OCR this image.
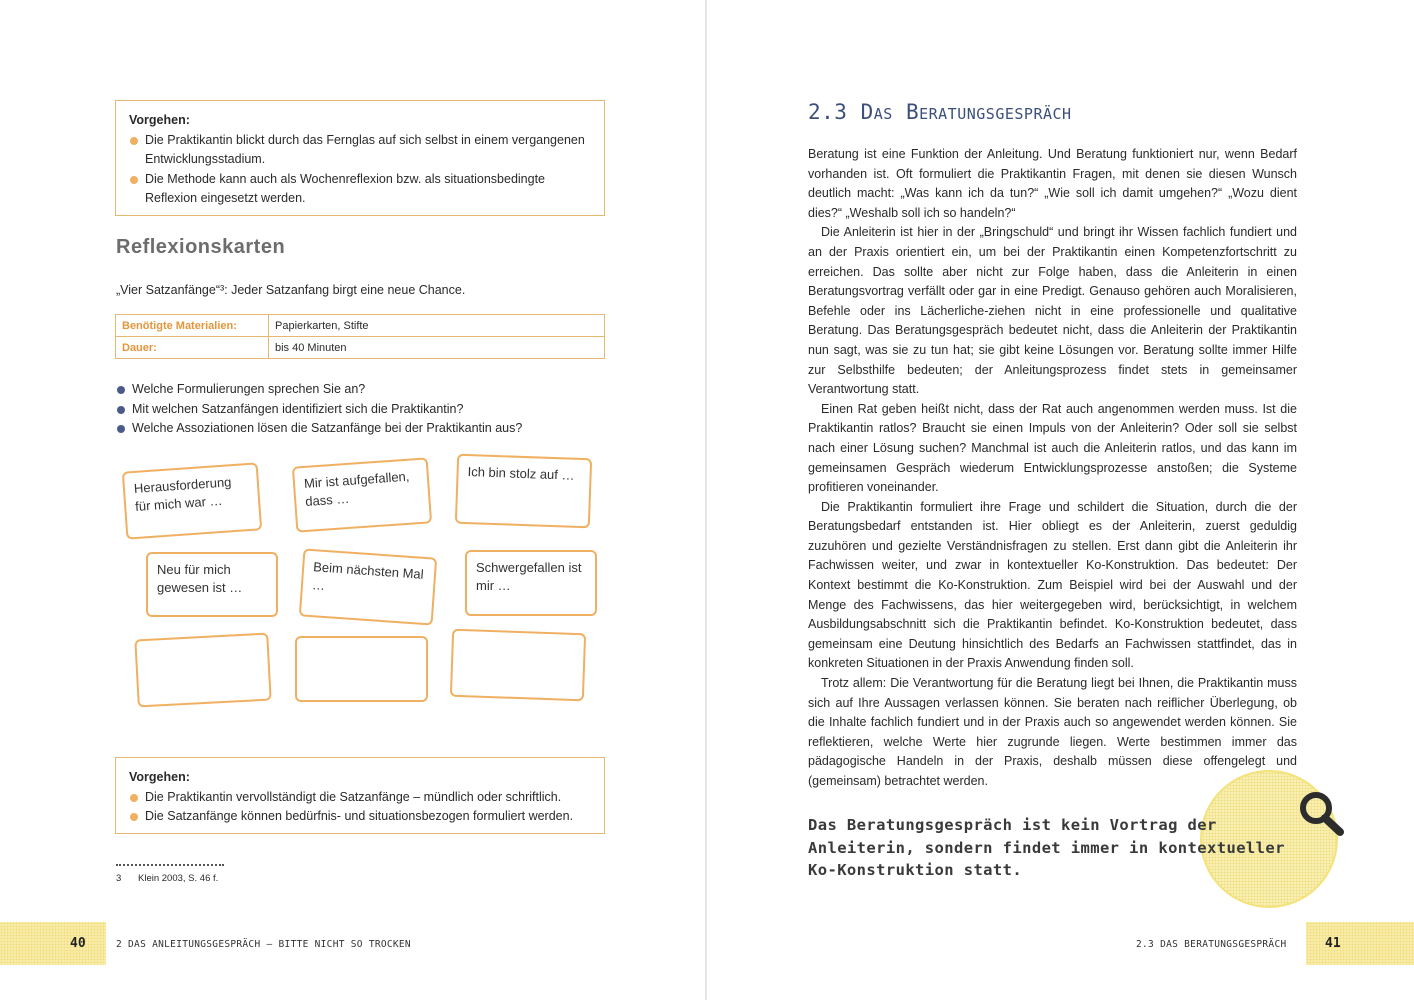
Vorgehen:
Die Praktikantin blickt durch das Fernglas auf sich selbst in einem vergangenen Entwicklungsstadium.
Die Methode kann auch als Wochenreflexion bzw. als situationsbedingte Reflexion eingesetzt werden.
Reflexionskarten
„Vier Satzanfänge“³: Jeder Satzanfang birgt eine neue Chance.
Benötigte Materialien:	Papierkarten, Stifte
Dauer:	bis 40 Minuten
Welche Formulierungen sprechen Sie an?
Mit welchen Satzanfängen identifiziert sich die Praktikantin?
Welche Assoziationen lösen die Satzanfänge bei der Praktikantin aus?
Herausforderung für mich war …
Mir ist aufgefallen, dass …
Ich bin stolz auf …
Neu für mich gewesen ist …
Beim nächsten Mal …
Schwergefallen ist mir …
Vorgehen:
Die Praktikantin vervollständigt die Satzanfänge – mündlich oder schriftlich.
Die Satzanfänge können bedürfnis- und situationsbezogen formuliert werden.
3 Klein 2003, S. 46 f.
40	2 DAS ANLEITUNGSGESPRÄCH – BITTE NICHT SO TROCKEN
2.3 Das Beratungsgespräch

Beratung ist eine Funktion der Anleitung. Und Beratung funktioniert nur, wenn Bedarf vorhanden ist. Oft formuliert die Praktikantin Fragen, mit denen sie diesen Wunsch deutlich macht: „Was kann ich da tun?“ „Wie soll ich damit umgehen?“ „Wozu dient dies?“ „Weshalb soll ich so handeln?“

Die Anleiterin ist hier in der „Bringschuld“ und bringt ihr Wissen fachlich fundiert und an der Praxis orientiert ein, um bei der Praktikantin einen Kompetenzfortschritt zu erreichen. Das sollte aber nicht zur Folge haben, dass die Anleiterin in einen Beratungsvortrag verfällt oder gar in eine Predigt. Genauso gehören auch Moralisieren, Befehle oder ins Lächerliche-ziehen nicht in eine professionelle und qualitative Beratung. Das Beratungsgespräch bedeutet nicht, dass die Anleiterin der Praktikantin nun sagt, was sie zu tun hat; sie gibt keine Lösungen vor. Beratung sollte immer Hilfe zur Selbsthilfe bedeuten; der Anleitungsprozess findet stets in gemeinsamer Verantwortung statt.

Einen Rat geben heißt nicht, dass der Rat auch angenommen werden muss. Ist die Praktikantin ratlos? Braucht sie einen Impuls von der Anleiterin? Oder soll sie selbst nach einer Lösung suchen? Manchmal ist auch die Anleiterin ratlos, und das kann im gemeinsamen Gespräch wiederum Entwicklungsprozesse anstoßen; die Systeme profitieren voneinander.

Die Praktikantin formuliert ihre Frage und schildert die Situation, durch die der Beratungsbedarf entstanden ist. Hier obliegt es der Anleiterin, zuerst geduldig zuzuhören und gezielte Verständnisfragen zu stellen. Erst dann gibt die Anleiterin ihr Fachwissen weiter, und zwar in kontextueller Ko-Konstruktion. Das bedeutet: Der Kontext bestimmt die Ko-Konstruktion. Zum Beispiel wird bei der Auswahl und der Menge des Fachwissens, das hier weitergegeben wird, berücksichtigt, in welchem Ausbildungsabschnitt sich die Praktikantin befindet. Ko-Konstruktion bedeutet, dass gemeinsam eine Deutung hinsichtlich des Bedarfs an Fachwissen stattfindet, das in konkreten Situationen in der Praxis Anwendung finden soll.

Trotz allem: Die Verantwortung für die Beratung liegt bei Ihnen, die Praktikantin muss sich auf Ihre Aussagen verlassen können. Sie beraten nach reiflicher Überlegung, ob die Inhalte fachlich fundiert und in der Praxis auch so angewendet werden können. Sie reflektieren, welche Werte hier zugrunde liegen. Werte bestimmen immer das pädagogische Handeln in der Praxis, deshalb müssen diese offengelegt und (gemeinsam) betrachtet werden.

Das Beratungsgespräch ist kein Vortrag der
Anleiterin, sondern findet immer in kontextueller
Ko-Konstruktion statt.
2.3 DAS BERATUNGSGESPRÄCH	41
